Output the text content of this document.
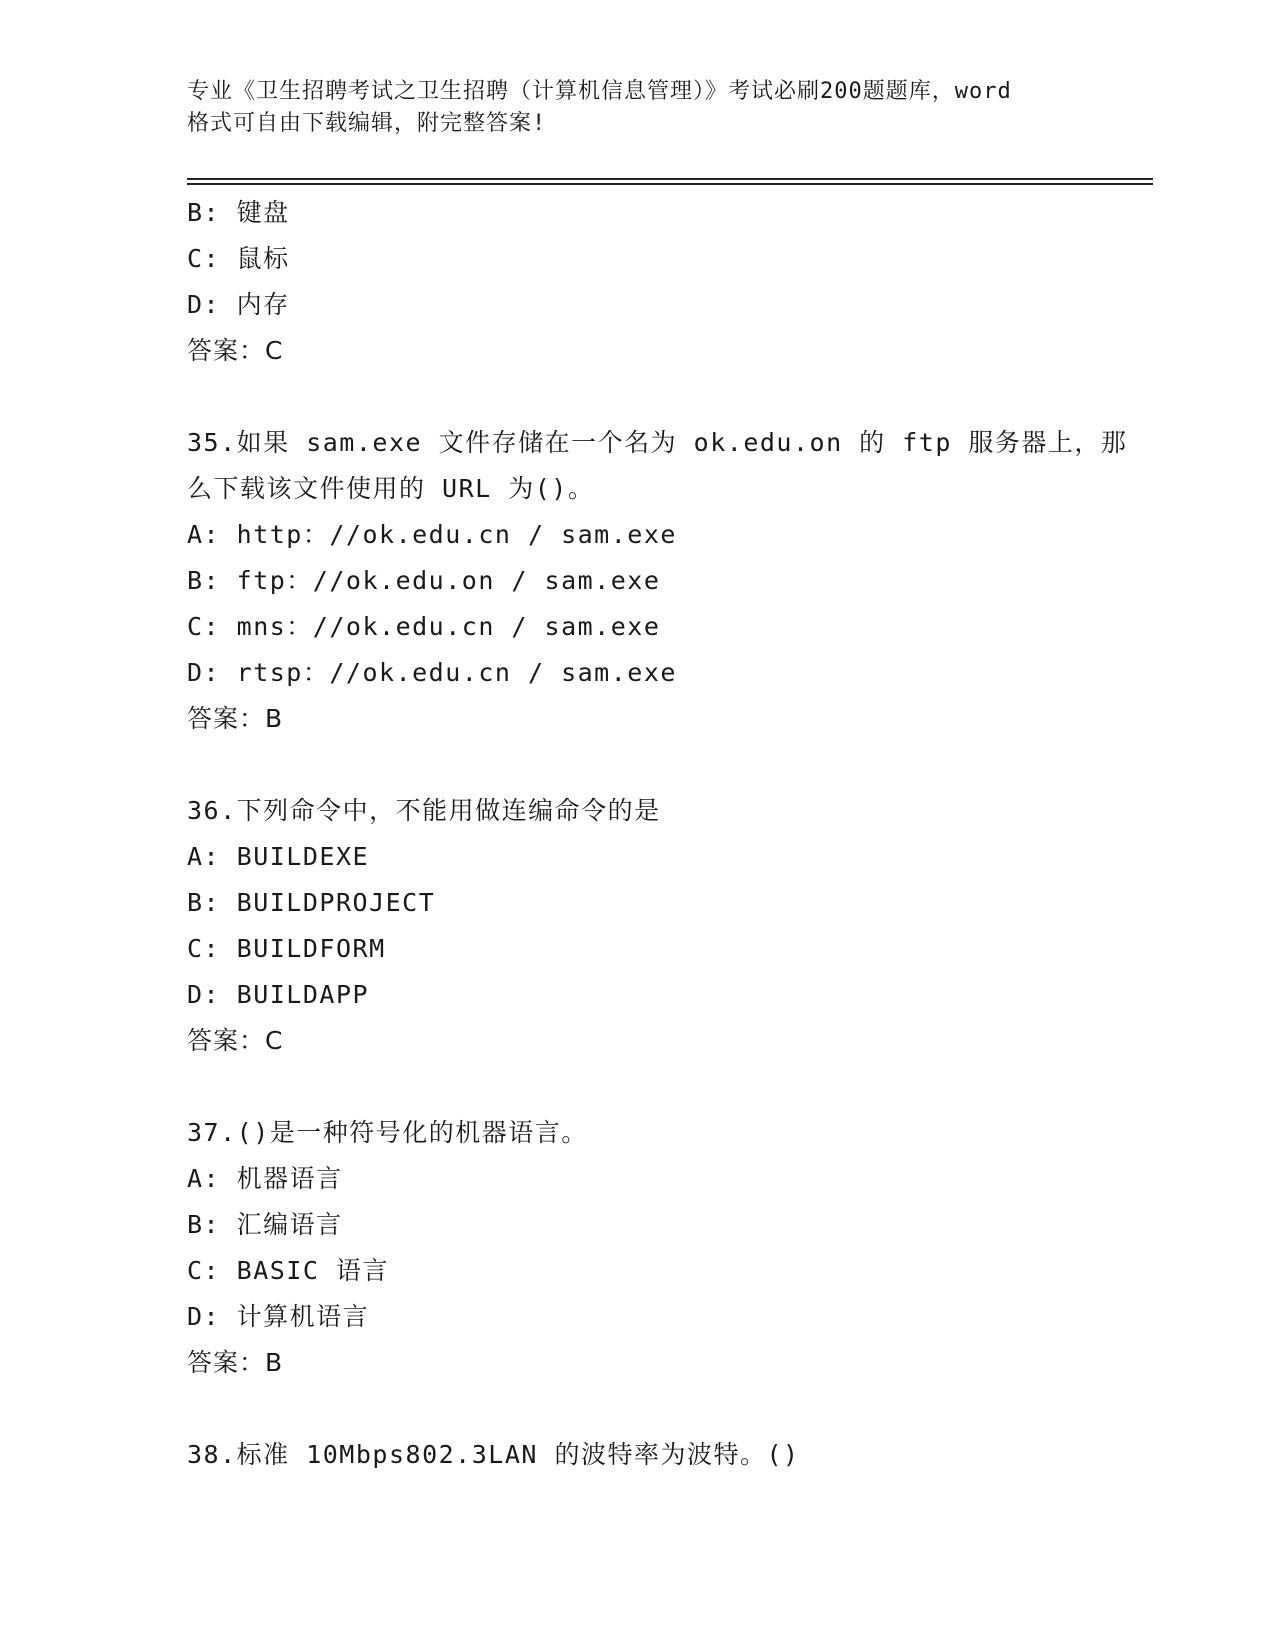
专业《卫生招聘考试之卫生招聘（计算机信息管理）》考试必刷200题题库，word
格式可自由下载编辑，附完整答案!
B: 键盘
C: 鼠标
D: 内存
答案：C
35.如果 sam.exe 文件存储在一个名为 ok.edu.on 的 ftp 服务器上，那
么下载该文件使用的 URL 为()。
A: http：//ok.edu.cn / sam.exe
B: ftp：//ok.edu.on / sam.exe
C: mns：//ok.edu.cn / sam.exe
D: rtsp：//ok.edu.cn / sam.exe
答案：B
36.下列命令中，不能用做连编命令的是
A: BUILDEXE
B: BUILDPROJECT
C: BUILDFORM
D: BUILDAPP
答案：C
37.()是一种符号化的机器语言。
A: 机器语言
B: 汇编语言
C: BASIC 语言
D: 计算机语言
答案：B
38.标准 10Mbps802.3LAN 的波特率为波特。()
